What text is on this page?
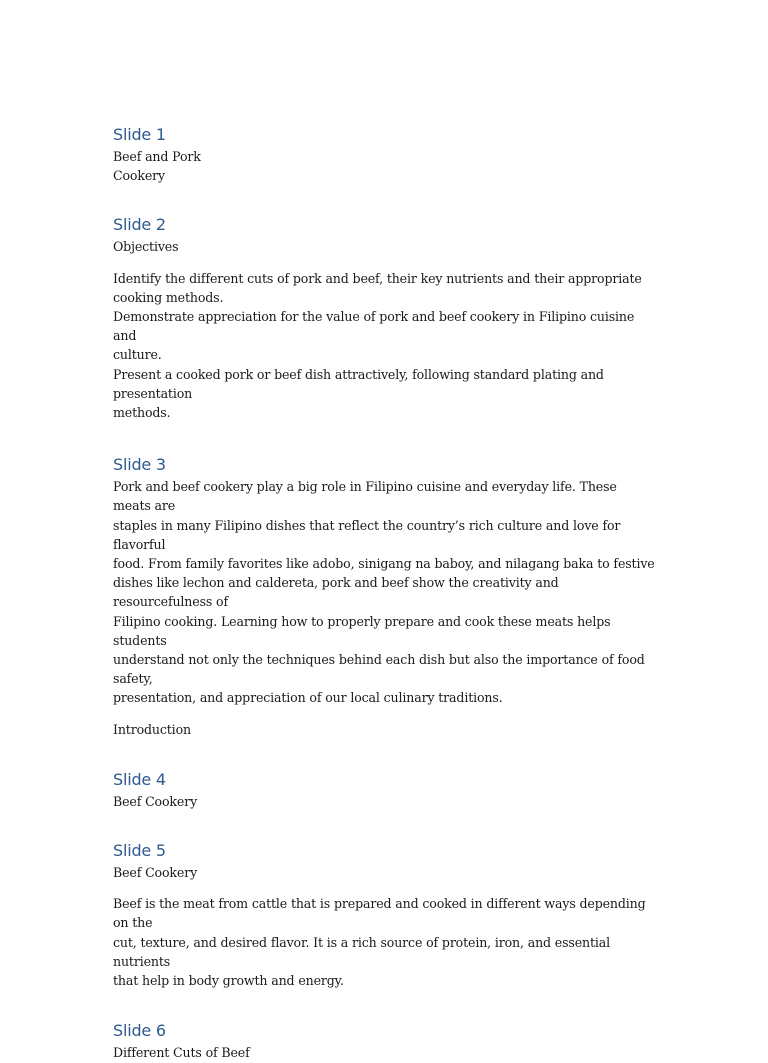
Slide 1

Beef and Pork
Cookery

Slide 2

Objectives

Identify the different cuts of pork and beef, their key nutrients and their appropriate
cooking methods.
Demonstrate appreciation for the value of pork and beef cookery in Filipino cuisine and
culture.
Present a cooked pork or beef dish attractively, following standard plating and presentation
methods.

Slide 3

Pork and beef cookery play a big role in Filipino cuisine and everyday life. These meats are
staples in many Filipino dishes that reflect the country’s rich culture and love for flavorful
food. From family favorites like adobo, sinigang na baboy, and nilagang baka to festive
dishes like lechon and caldereta, pork and beef show the creativity and resourcefulness of
Filipino cooking. Learning how to properly prepare and cook these meats helps students
understand not only the techniques behind each dish but also the importance of food safety,
presentation, and appreciation of our local culinary traditions.

Introduction

Slide 4

Beef Cookery

Slide 5

Beef Cookery

Beef is the meat from cattle that is prepared and cooked in different ways depending on the
cut, texture, and desired flavor. It is a rich source of protein, iron, and essential nutrients
that help in body growth and energy.

Slide 6

Different Cuts of Beef
